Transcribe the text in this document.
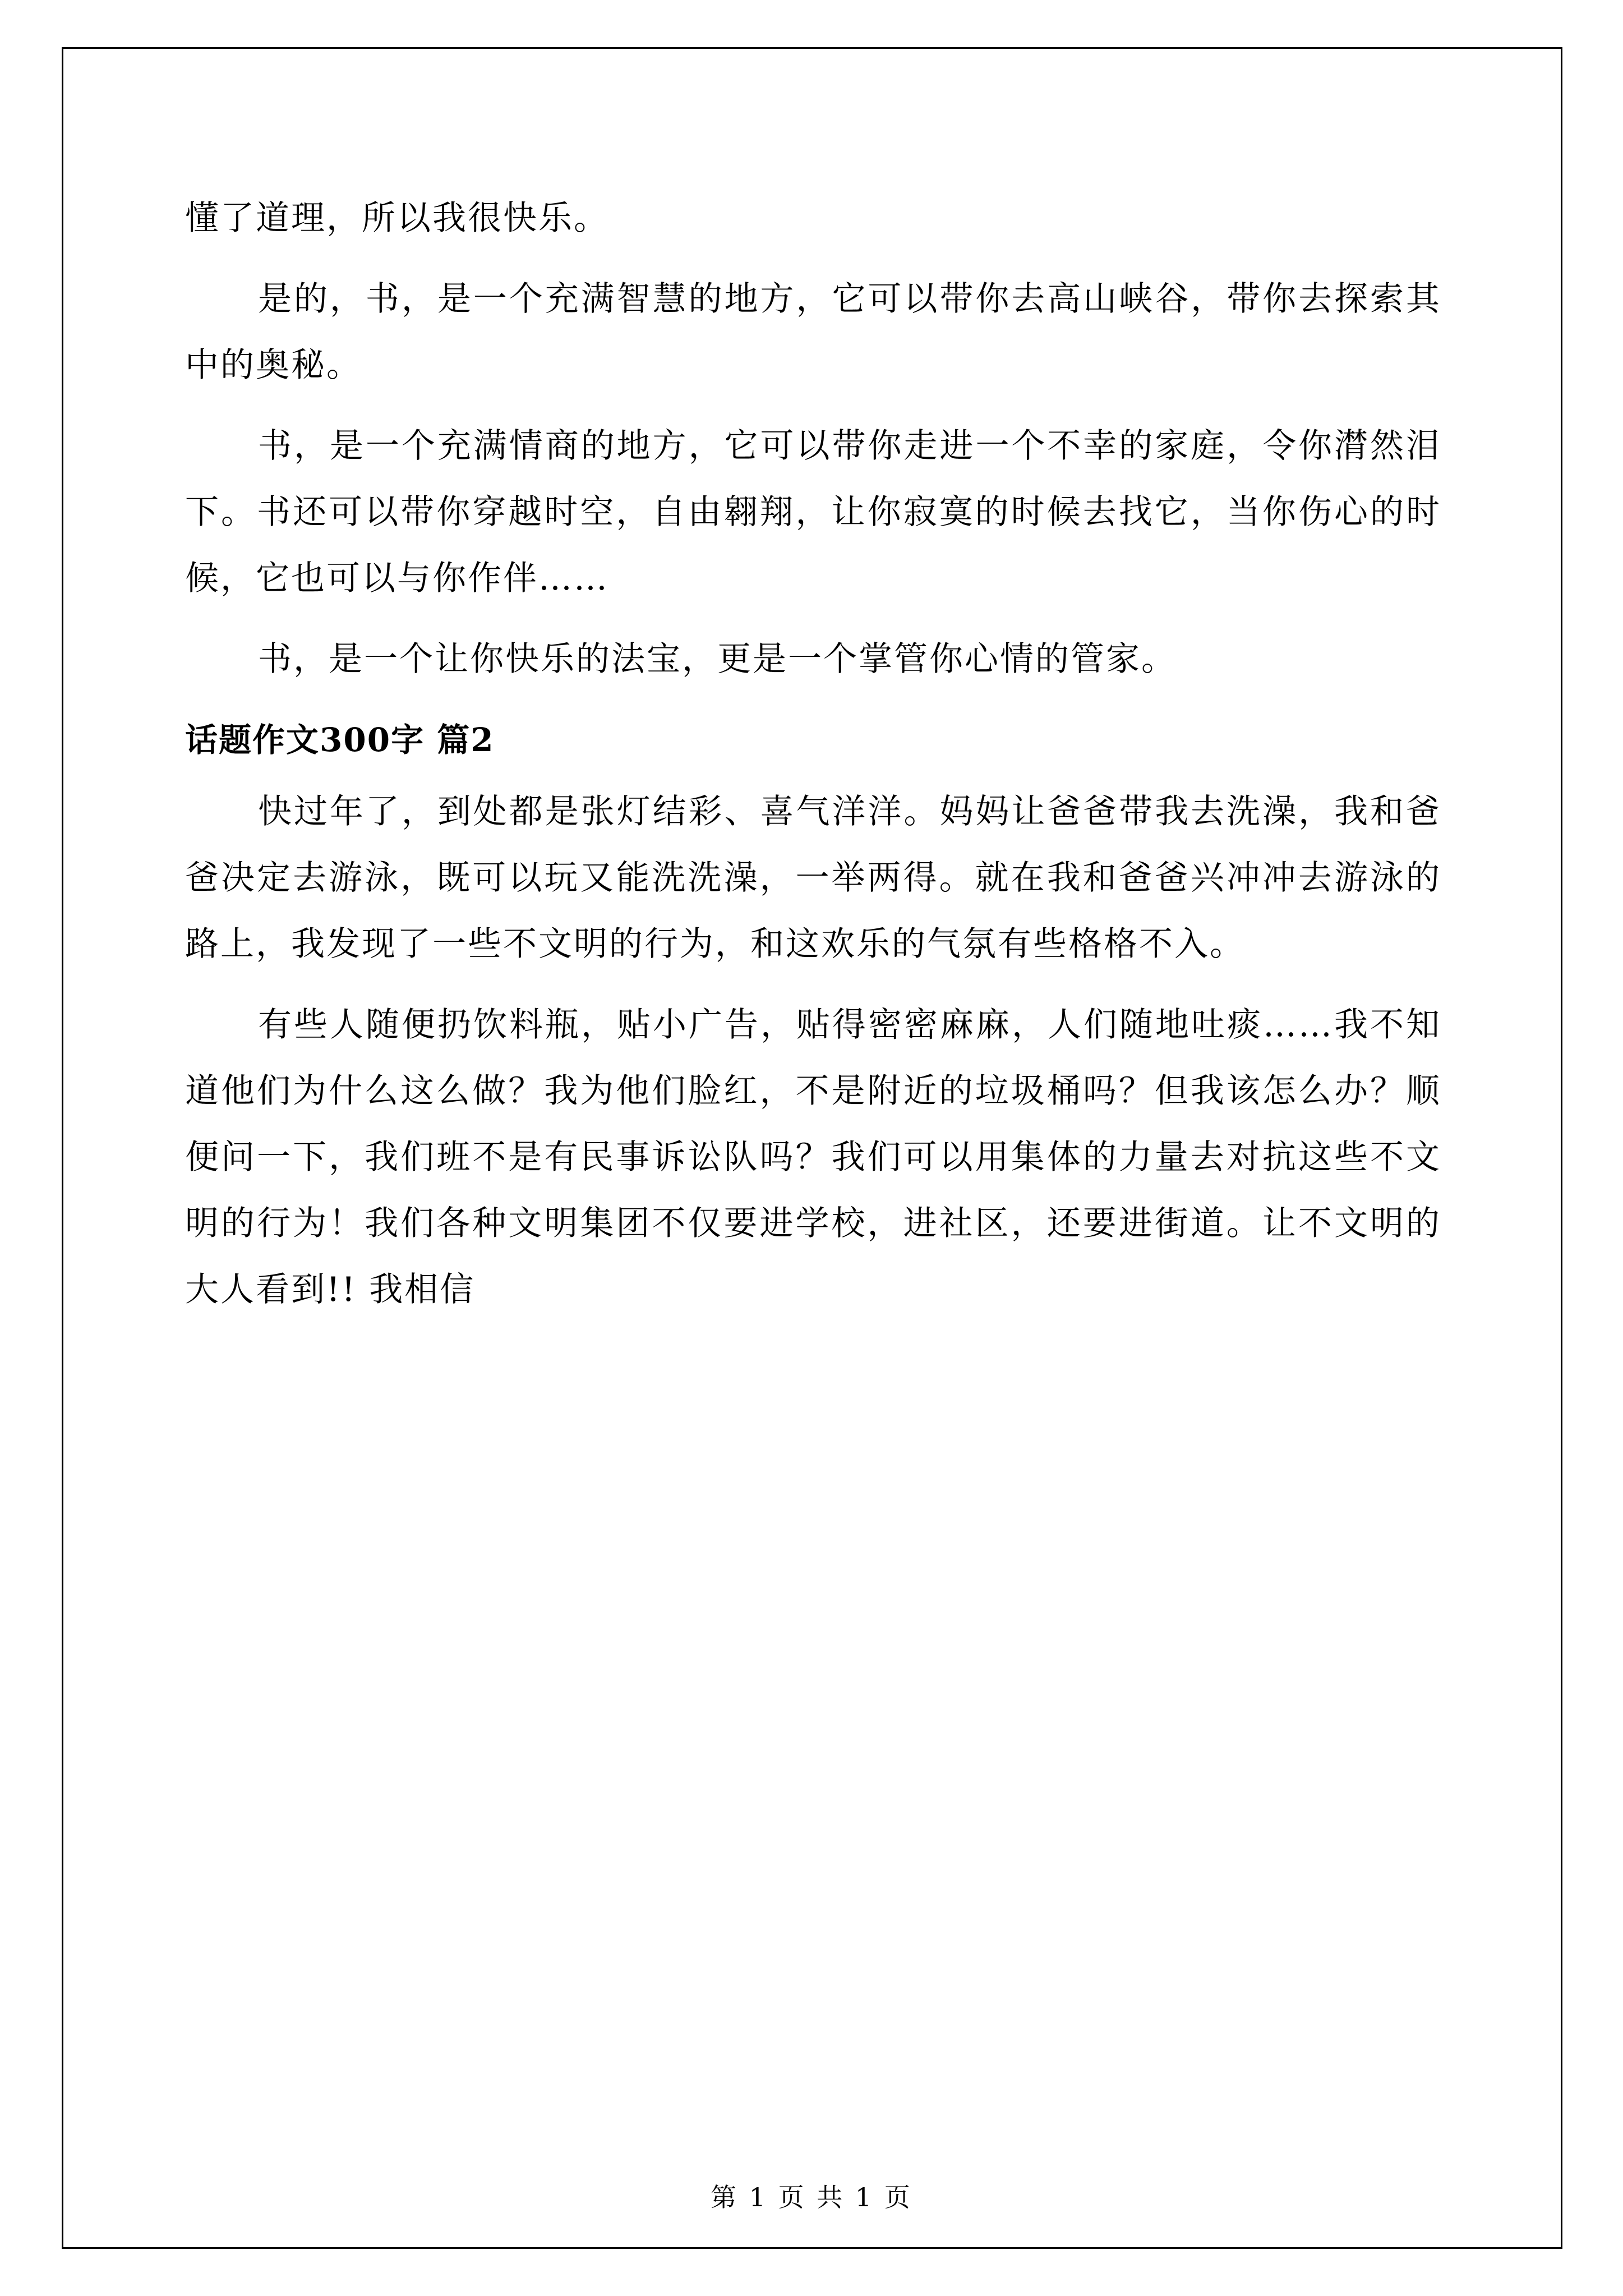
懂了道理，所以我很快乐。

是的，书，是一个充满智慧的地方，它可以带你去高山峡谷，带你去探索其中的奥秘。

书，是一个充满情商的地方，它可以带你走进一个不幸的家庭，令你潸然泪下。书还可以带你穿越时空，自由翱翔，让你寂寞的时候去找它，当你伤心的时候，它也可以与你作伴……

书，是一个让你快乐的法宝，更是一个掌管你心情的管家。

话题作文300字 篇2

快过年了，到处都是张灯结彩、喜气洋洋。妈妈让爸爸带我去洗澡，我和爸爸决定去游泳，既可以玩又能洗洗澡，一举两得。就在我和爸爸兴冲冲去游泳的路上，我发现了一些不文明的行为，和这欢乐的气氛有些格格不入。

有些人随便扔饮料瓶，贴小广告，贴得密密麻麻，人们随地吐痰……我不知道他们为什么这么做？我为他们脸红，不是附近的垃圾桶吗？但我该怎么办？顺便问一下，我们班不是有民事诉讼队吗？我们可以用集体的力量去对抗这些不文明的行为！我们各种文明集团不仅要进学校，进社区，还要进街道。让不文明的大人看到!! 我相信

第 1 页 共 1 页
